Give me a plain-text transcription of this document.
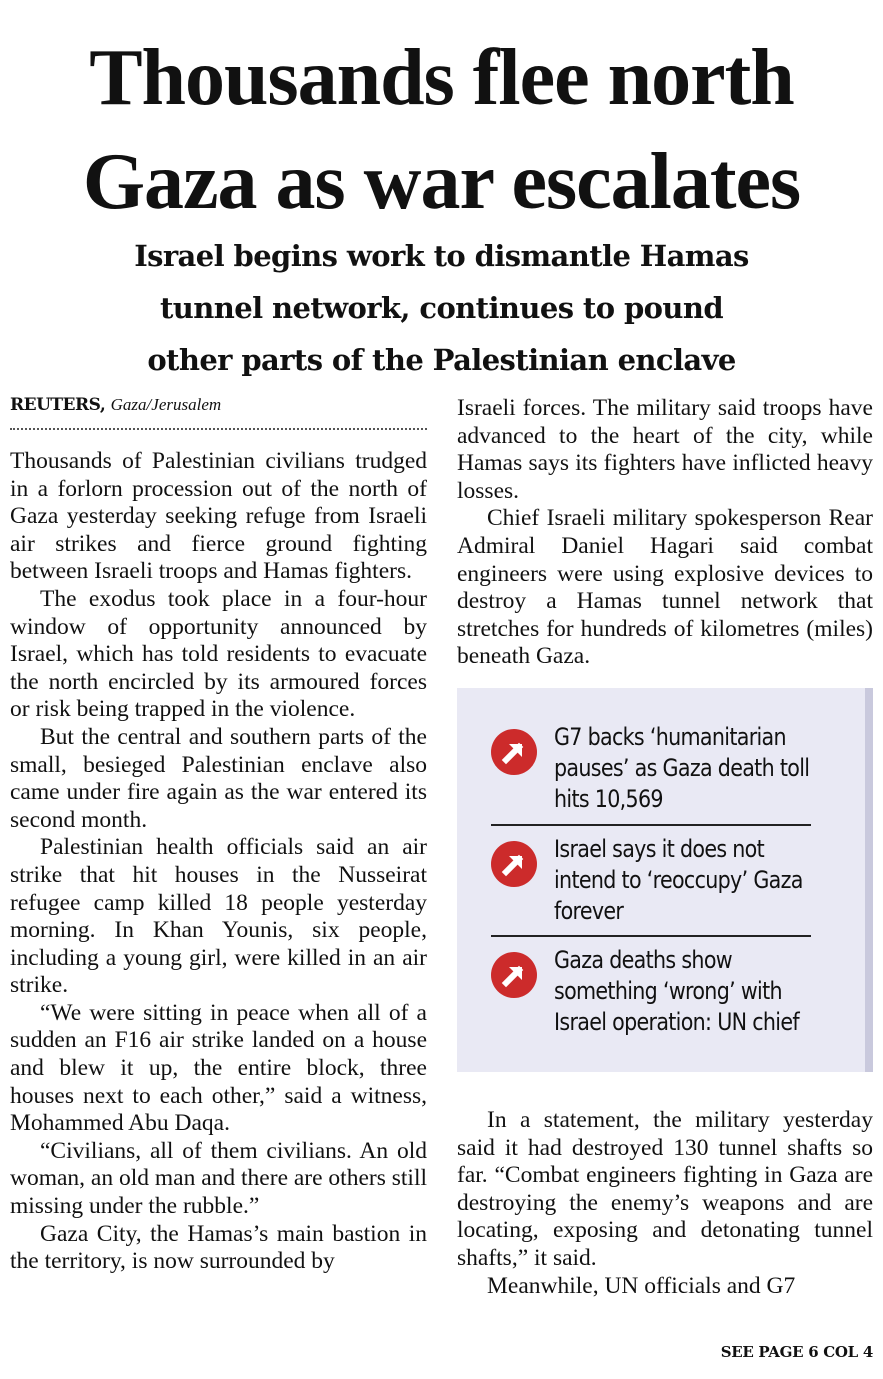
Thousands flee north
Gaza as war escalates
Israel begins work to dismantle Hamas
tunnel network, continues to pound
other parts of the Palestinian enclave
REUTERS, Gaza/Jerusalem

Thousands of Palestinian civilians trudged in a forlorn procession out of the north of Gaza yesterday seeking refuge from Israeli air strikes and fierce ground fighting between Israeli troops and Hamas fighters.

The exodus took place in a four-hour window of opportunity announced by Israel, which has told residents to evacuate the north encircled by its armoured forces or risk being trapped in the violence.

But the central and southern parts of the small, besieged Palestinian enclave also came under fire again as the war entered its second month.

Palestinian health officials said an air strike that hit houses in the Nusseirat refugee camp killed 18 people yesterday morning. In Khan Younis, six people, including a young girl, were killed in an air strike.

“We were sitting in peace when all of a sudden an F16 air strike landed on a house and blew it up, the entire block, three houses next to each other,” said a witness, Mohammed Abu Daqa.

“Civilians, all of them civilians. An old woman, an old man and there are others still missing under the rubble.”

Gaza City, the Hamas’s main bastion in the territory, is now surrounded by

Israeli forces. The military said troops have advanced to the heart of the city, while Hamas says its fighters have inflicted heavy losses.

Chief Israeli military spokesperson Rear Admiral Daniel Hagari said combat engineers were using explosive devices to destroy a Hamas tunnel network that stretches for hundreds of kilometres (miles) beneath Gaza.

G7 backs ‘humanitarian
pauses’ as Gaza death toll
hits 10,569
Israel says it does not
intend to ‘reoccupy’ Gaza
forever
Gaza deaths show
something ‘wrong’ with
Israel operation: UN chief

In a statement, the military yesterday said it had destroyed 130 tunnel shafts so far. “Combat engineers fighting in Gaza are destroying the enemy’s weapons and are locating, exposing and detonating tunnel shafts,” it said.

Meanwhile, UN officials and G7

SEE PAGE 6 COL 4
